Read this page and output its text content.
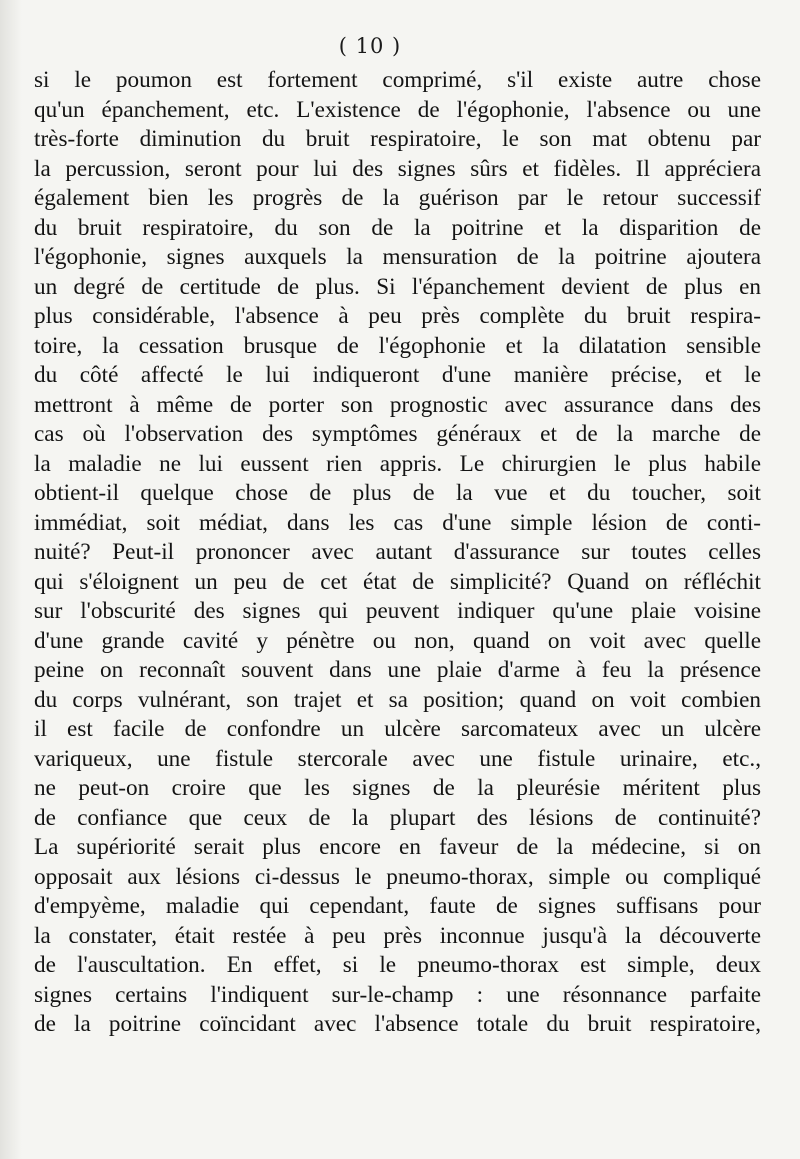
( 10 )
si le poumon est fortement comprimé, s'il existe autre chose
qu'un épanchement, etc. L'existence de l'égophonie, l'absence ou une
très-forte diminution du bruit respiratoire, le son mat obtenu par
la percussion, seront pour lui des signes sûrs et fidèles. Il appréciera
également bien les progrès de la guérison par le retour successif
du bruit respiratoire, du son de la poitrine et la disparition de
l'égophonie, signes auxquels la mensuration de la poitrine ajoutera
un degré de certitude de plus. Si l'épanchement devient de plus en
plus considérable, l'absence à peu près complète du bruit respira-
toire, la cessation brusque de l'égophonie et la dilatation sensible
du côté affecté le lui indiqueront d'une manière précise, et le
mettront à même de porter son prognostic avec assurance dans des
cas où l'observation des symptômes généraux et de la marche de
la maladie ne lui eussent rien appris. Le chirurgien le plus habile
obtient-il quelque chose de plus de la vue et du toucher, soit
immédiat, soit médiat, dans les cas d'une simple lésion de conti-
nuité? Peut-il prononcer avec autant d'assurance sur toutes celles
qui s'éloignent un peu de cet état de simplicité? Quand on réfléchit
sur l'obscurité des signes qui peuvent indiquer qu'une plaie voisine
d'une grande cavité y pénètre ou non, quand on voit avec quelle
peine on reconnaît souvent dans une plaie d'arme à feu la présence
du corps vulnérant, son trajet et sa position; quand on voit combien
il est facile de confondre un ulcère sarcomateux avec un ulcère
variqueux, une fistule stercorale avec une fistule urinaire, etc.,
ne peut-on croire que les signes de la pleurésie méritent plus
de confiance que ceux de la plupart des lésions de continuité?
La supériorité serait plus encore en faveur de la médecine, si on
opposait aux lésions ci-dessus le pneumo-thorax, simple ou compliqué
d'empyème, maladie qui cependant, faute de signes suffisans pour
la constater, était restée à peu près inconnue jusqu'à la découverte
de l'auscultation. En effet, si le pneumo-thorax est simple, deux
signes certains l'indiquent sur-le-champ : une résonnance parfaite
de la poitrine coïncidant avec l'absence totale du bruit respiratoire,
